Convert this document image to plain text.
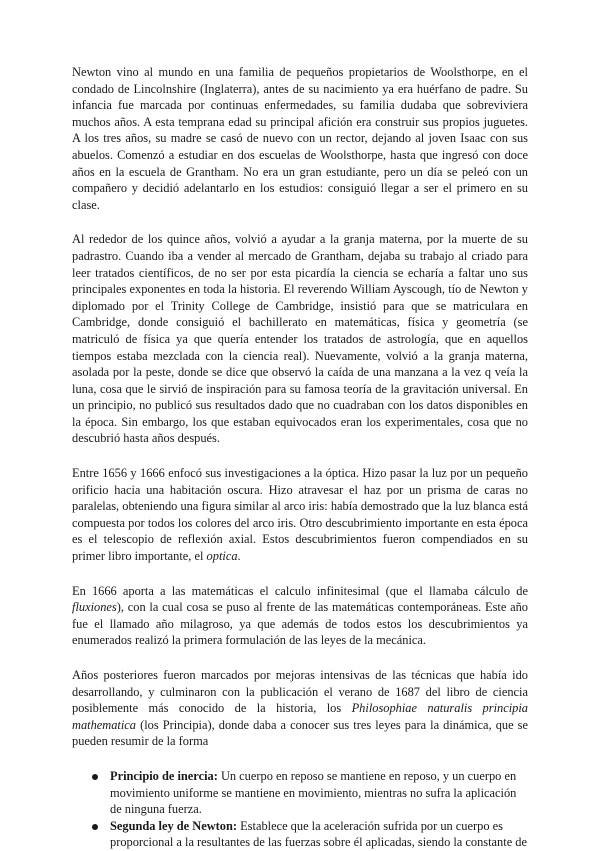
Newton vino al mundo en una familia de pequeños propietarios de Woolsthorpe, en el condado de Lincolnshire (Inglaterra), antes de su nacimiento ya era huérfano de padre. Su infancia fue marcada por continuas enfermedades, su familia dudaba que sobreviviera muchos años. A esta temprana edad su principal afición era construir sus propios juguetes. A los tres años, su madre se casó de nuevo con un rector, dejando al joven Isaac con sus abuelos. Comenzó a estudiar en dos escuelas de Woolsthorpe, hasta que ingresó con doce años en la escuela de Grantham. No era un gran estudiante, pero un día se peleó con un compañero y decidió adelantarlo en los estudios: consiguió llegar a ser el primero en su clase.

Al rededor de los quince años, volvió a ayudar a la granja materna, por la muerte de su padrastro. Cuando iba a vender al mercado de Grantham, dejaba su trabajo al criado para leer tratados científicos, de no ser por esta picardía la ciencia se echaría a faltar uno sus principales exponentes en toda la historia. El reverendo William Ayscough, tío de Newton y diplomado por el Trinity College de Cambridge, insistió para que se matriculara en Cambridge, donde consiguió el bachillerato en matemáticas, física y geometría (se matriculó de física ya que quería entender los tratados de astrología, que en aquellos tiempos estaba mezclada con la ciencia real). Nuevamente, volvió a la granja materna, asolada por la peste, donde se dice que observó la caída de una manzana a la vez q veía la luna, cosa que le sirvió de inspiración para su famosa teoría de la gravitación universal. En un principio, no publicó sus resultados dado que no cuadraban con los datos disponibles en la época. Sin embargo, los que estaban equivocados eran los experimentales, cosa que no descubrió hasta años después.

Entre 1656 y 1666 enfocó sus investigaciones a la óptica. Hizo pasar la luz por un pequeño orificio hacia una habitación oscura. Hizo atravesar el haz por un prisma de caras no paralelas, obteniendo una figura similar al arco iris: había demostrado que la luz blanca está compuesta por todos los colores del arco iris. Otro descubrimiento importante en esta época es el telescopio de reflexión axial. Estos descubrimientos fueron compendiados en su primer libro importante, el optica.

En 1666 aporta a las matemáticas el calculo infinitesimal (que el llamaba cálculo de fluxiones), con la cual cosa se puso al frente de las matemáticas contemporáneas. Este año fue el llamado año milagroso, ya que además de todos estos los descubrimientos ya enumerados realizó la primera formulación de las leyes de la mecánica.

Años posteriores fueron marcados por mejoras intensivas de las técnicas que había ido desarrollando, y culminaron con la publicación el verano de 1687 del libro de ciencia posiblemente más conocido de la historia, los Philosophiae naturalis principia mathematica (los Principia), donde daba a conocer sus tres leyes para la dinámica, que se pueden resumir de la forma

Principio de inercia: Un cuerpo en reposo se mantiene en reposo, y un cuerpo en movimiento uniforme se mantiene en movimiento, mientras no sufra la aplicación de ninguna fuerza.
Segunda ley de Newton: Establece que la aceleración sufrida por un cuerpo es proporcional a la resultantes de las fuerzas sobre él aplicadas, siendo la constante de
